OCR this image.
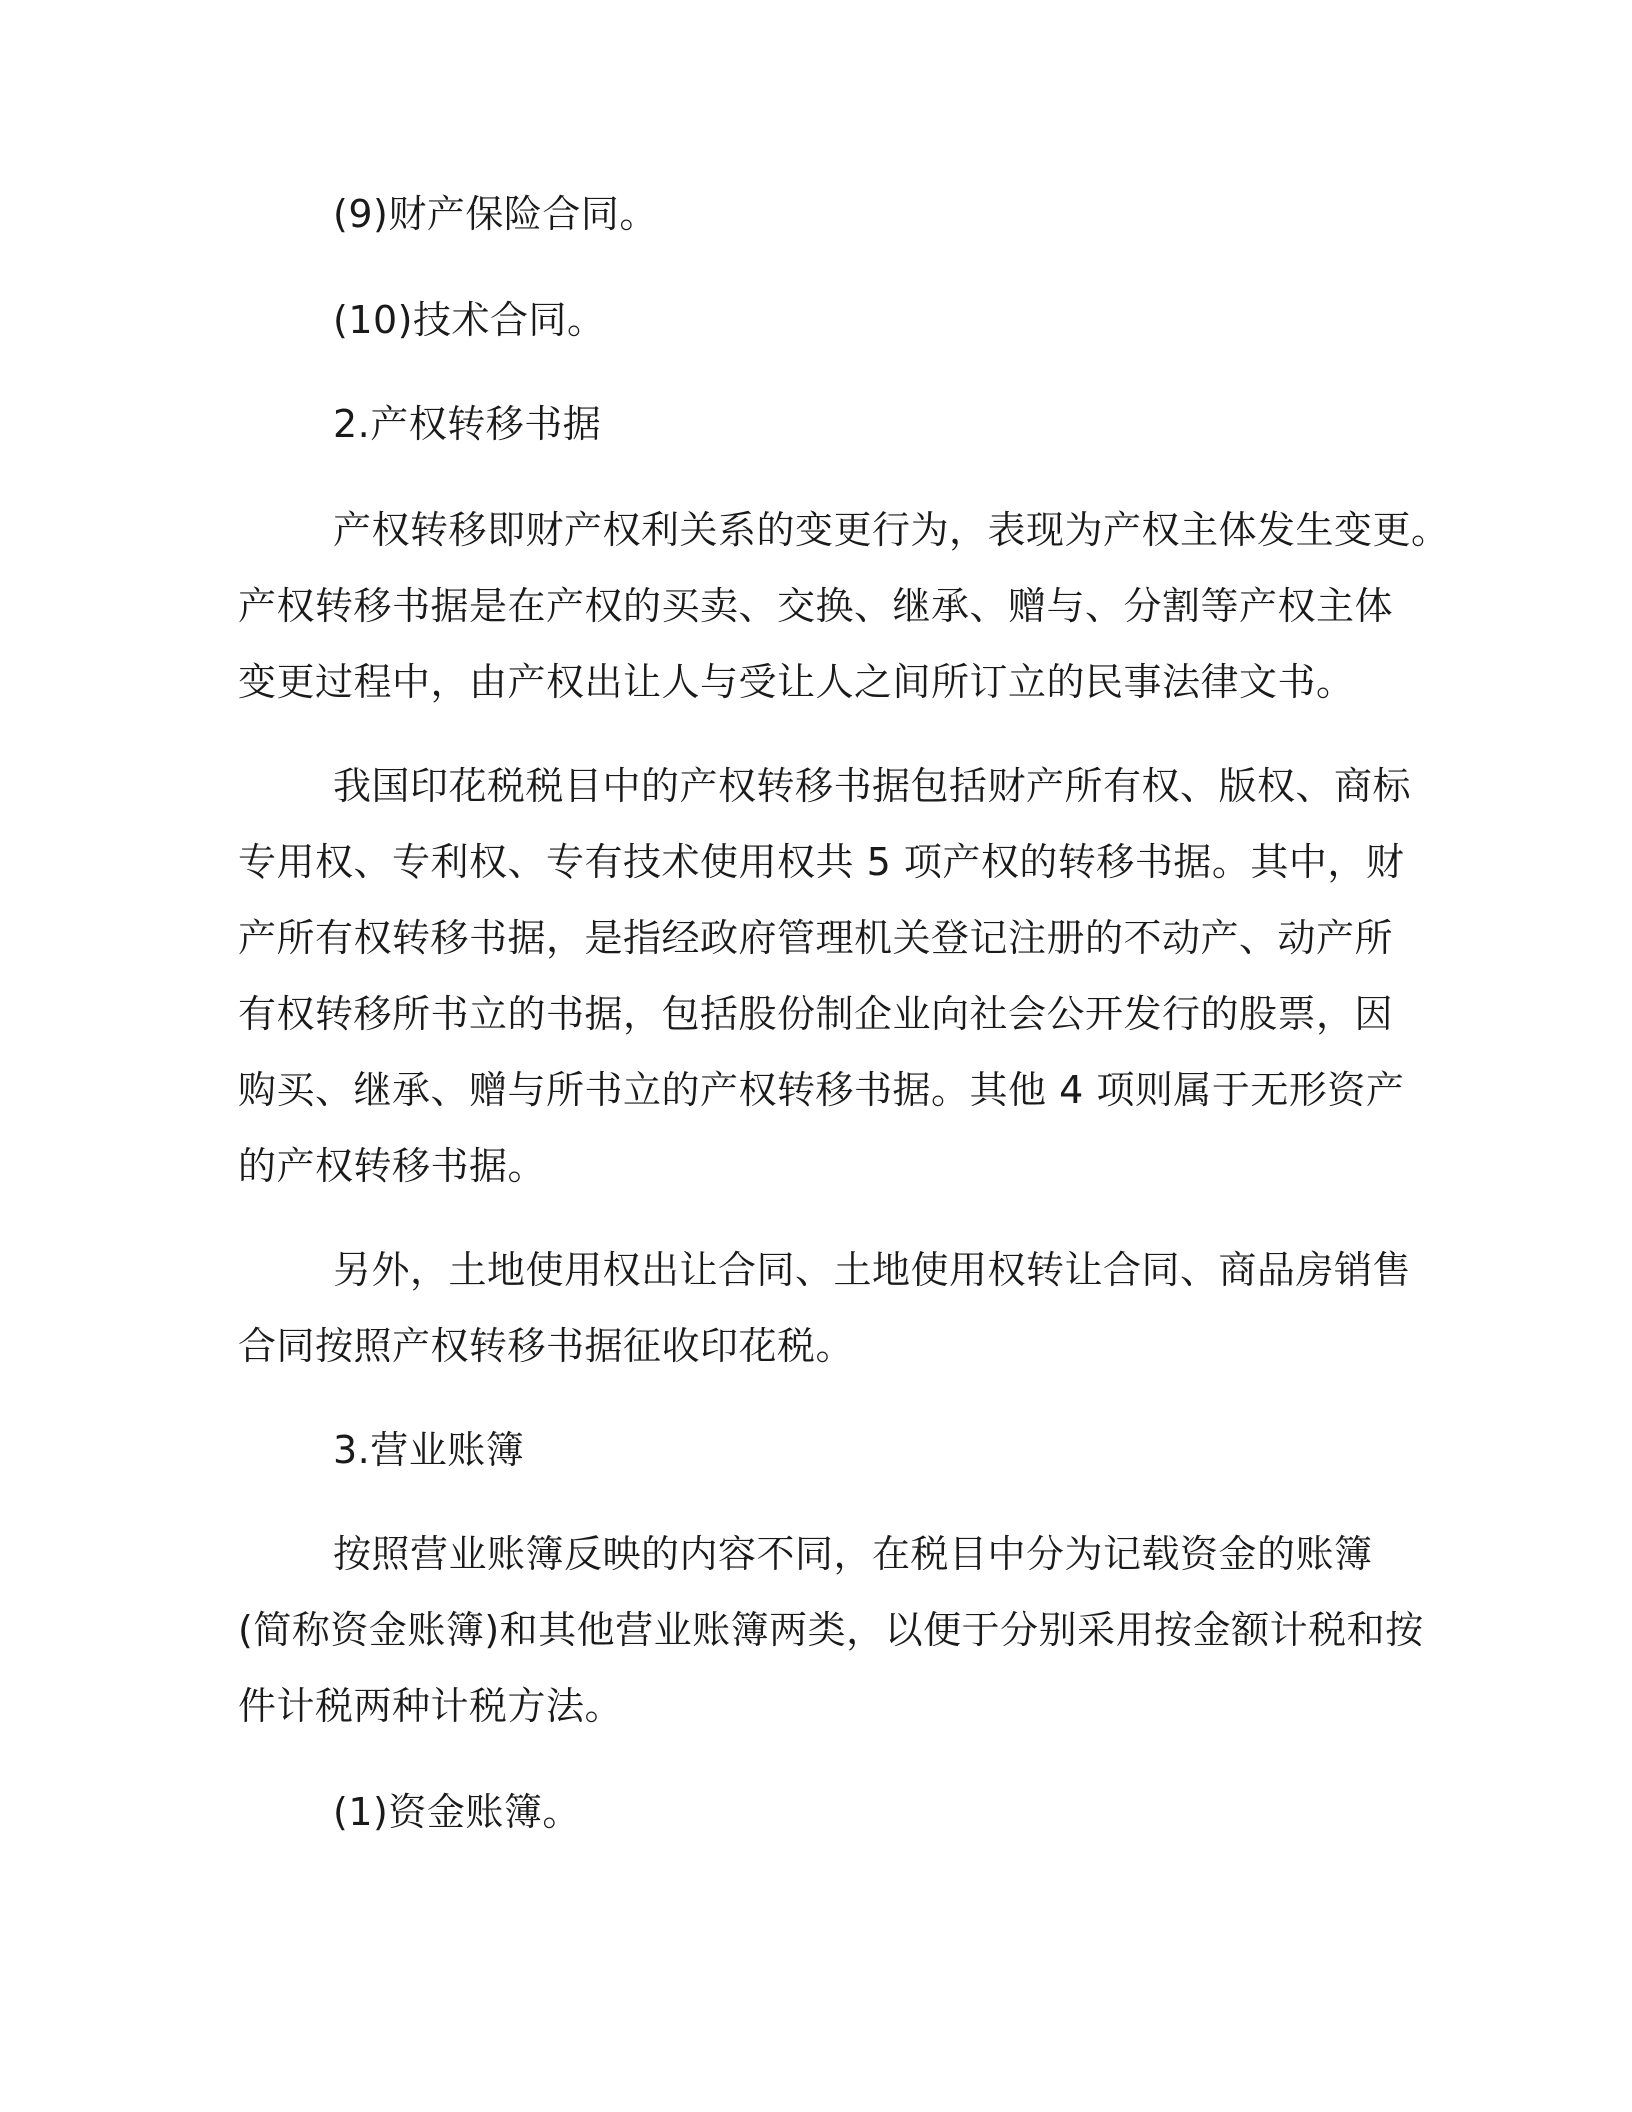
(9)财产保险合同。

(10)技术合同。

2.产权转移书据

产权转移即财产权利关系的变更行为，表现为产权主体发生变更。

产权转移书据是在产权的买卖、交换、继承、赠与、分割等产权主体

变更过程中，由产权出让人与受让人之间所订立的民事法律文书。

我国印花税税目中的产权转移书据包括财产所有权、版权、商标

专用权、专利权、专有技术使用权共 5 项产权的转移书据。其中，财

产所有权转移书据，是指经政府管理机关登记注册的不动产、动产所

有权转移所书立的书据，包括股份制企业向社会公开发行的股票，因

购买、继承、赠与所书立的产权转移书据。其他 4 项则属于无形资产

的产权转移书据。

另外，土地使用权出让合同、土地使用权转让合同、商品房销售

合同按照产权转移书据征收印花税。

3.营业账簿

按照营业账簿反映的内容不同，在税目中分为记载资金的账簿

(简称资金账簿)和其他营业账簿两类，以便于分别采用按金额计税和按

件计税两种计税方法。

(1)资金账簿。
